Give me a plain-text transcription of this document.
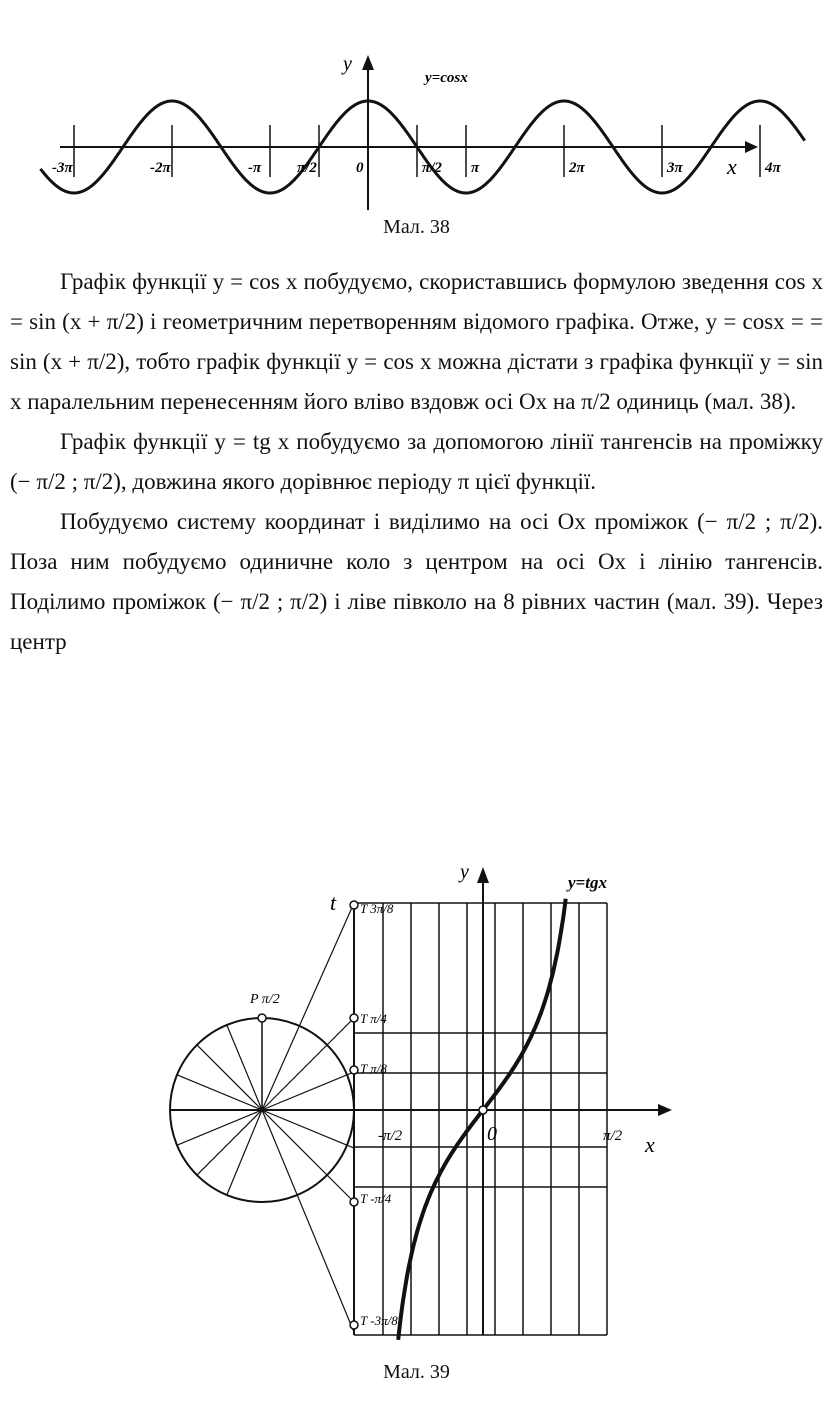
y
x
y=cosx
-3π	-2π	-π π/2	0	π/2 π	2π	3π	4π
Мал. 38

Графік функції y = cos x побудуємо, скориставшись формулою зведення cos x = sin (x + π/2) і геометричним перетворенням відомого графіка. Отже, y = cosx = = sin (x + π/2), тобто графік функції y = cos x можна дістати з графіка функції y = sin x паралельним перенесенням його вліво вздовж осі Ox на π/2 одиниць (мал. 38).

Графік функції y = tg x побудуємо за допомогою лінії тангенсів на проміжку (− π/2 ; π/2), довжина якого дорівнює періоду π цієї функції.

Побудуємо систему координат і виділимо на осі Ox проміжок (− π/2 ; π/2). Поза ним побудуємо одиничне коло з центром на осі Ox і лінію тангенсів. Поділимо проміжок (− π/2 ; π/2) і ліве півколо на 8 рівних частин (мал. 39). Через центр

y	y=tgx
t
P π/2
T 3π/8
T π/4
T π/8
T -π/4
T -3π/8
-π/2	0	π/2 x
Мал. 39
